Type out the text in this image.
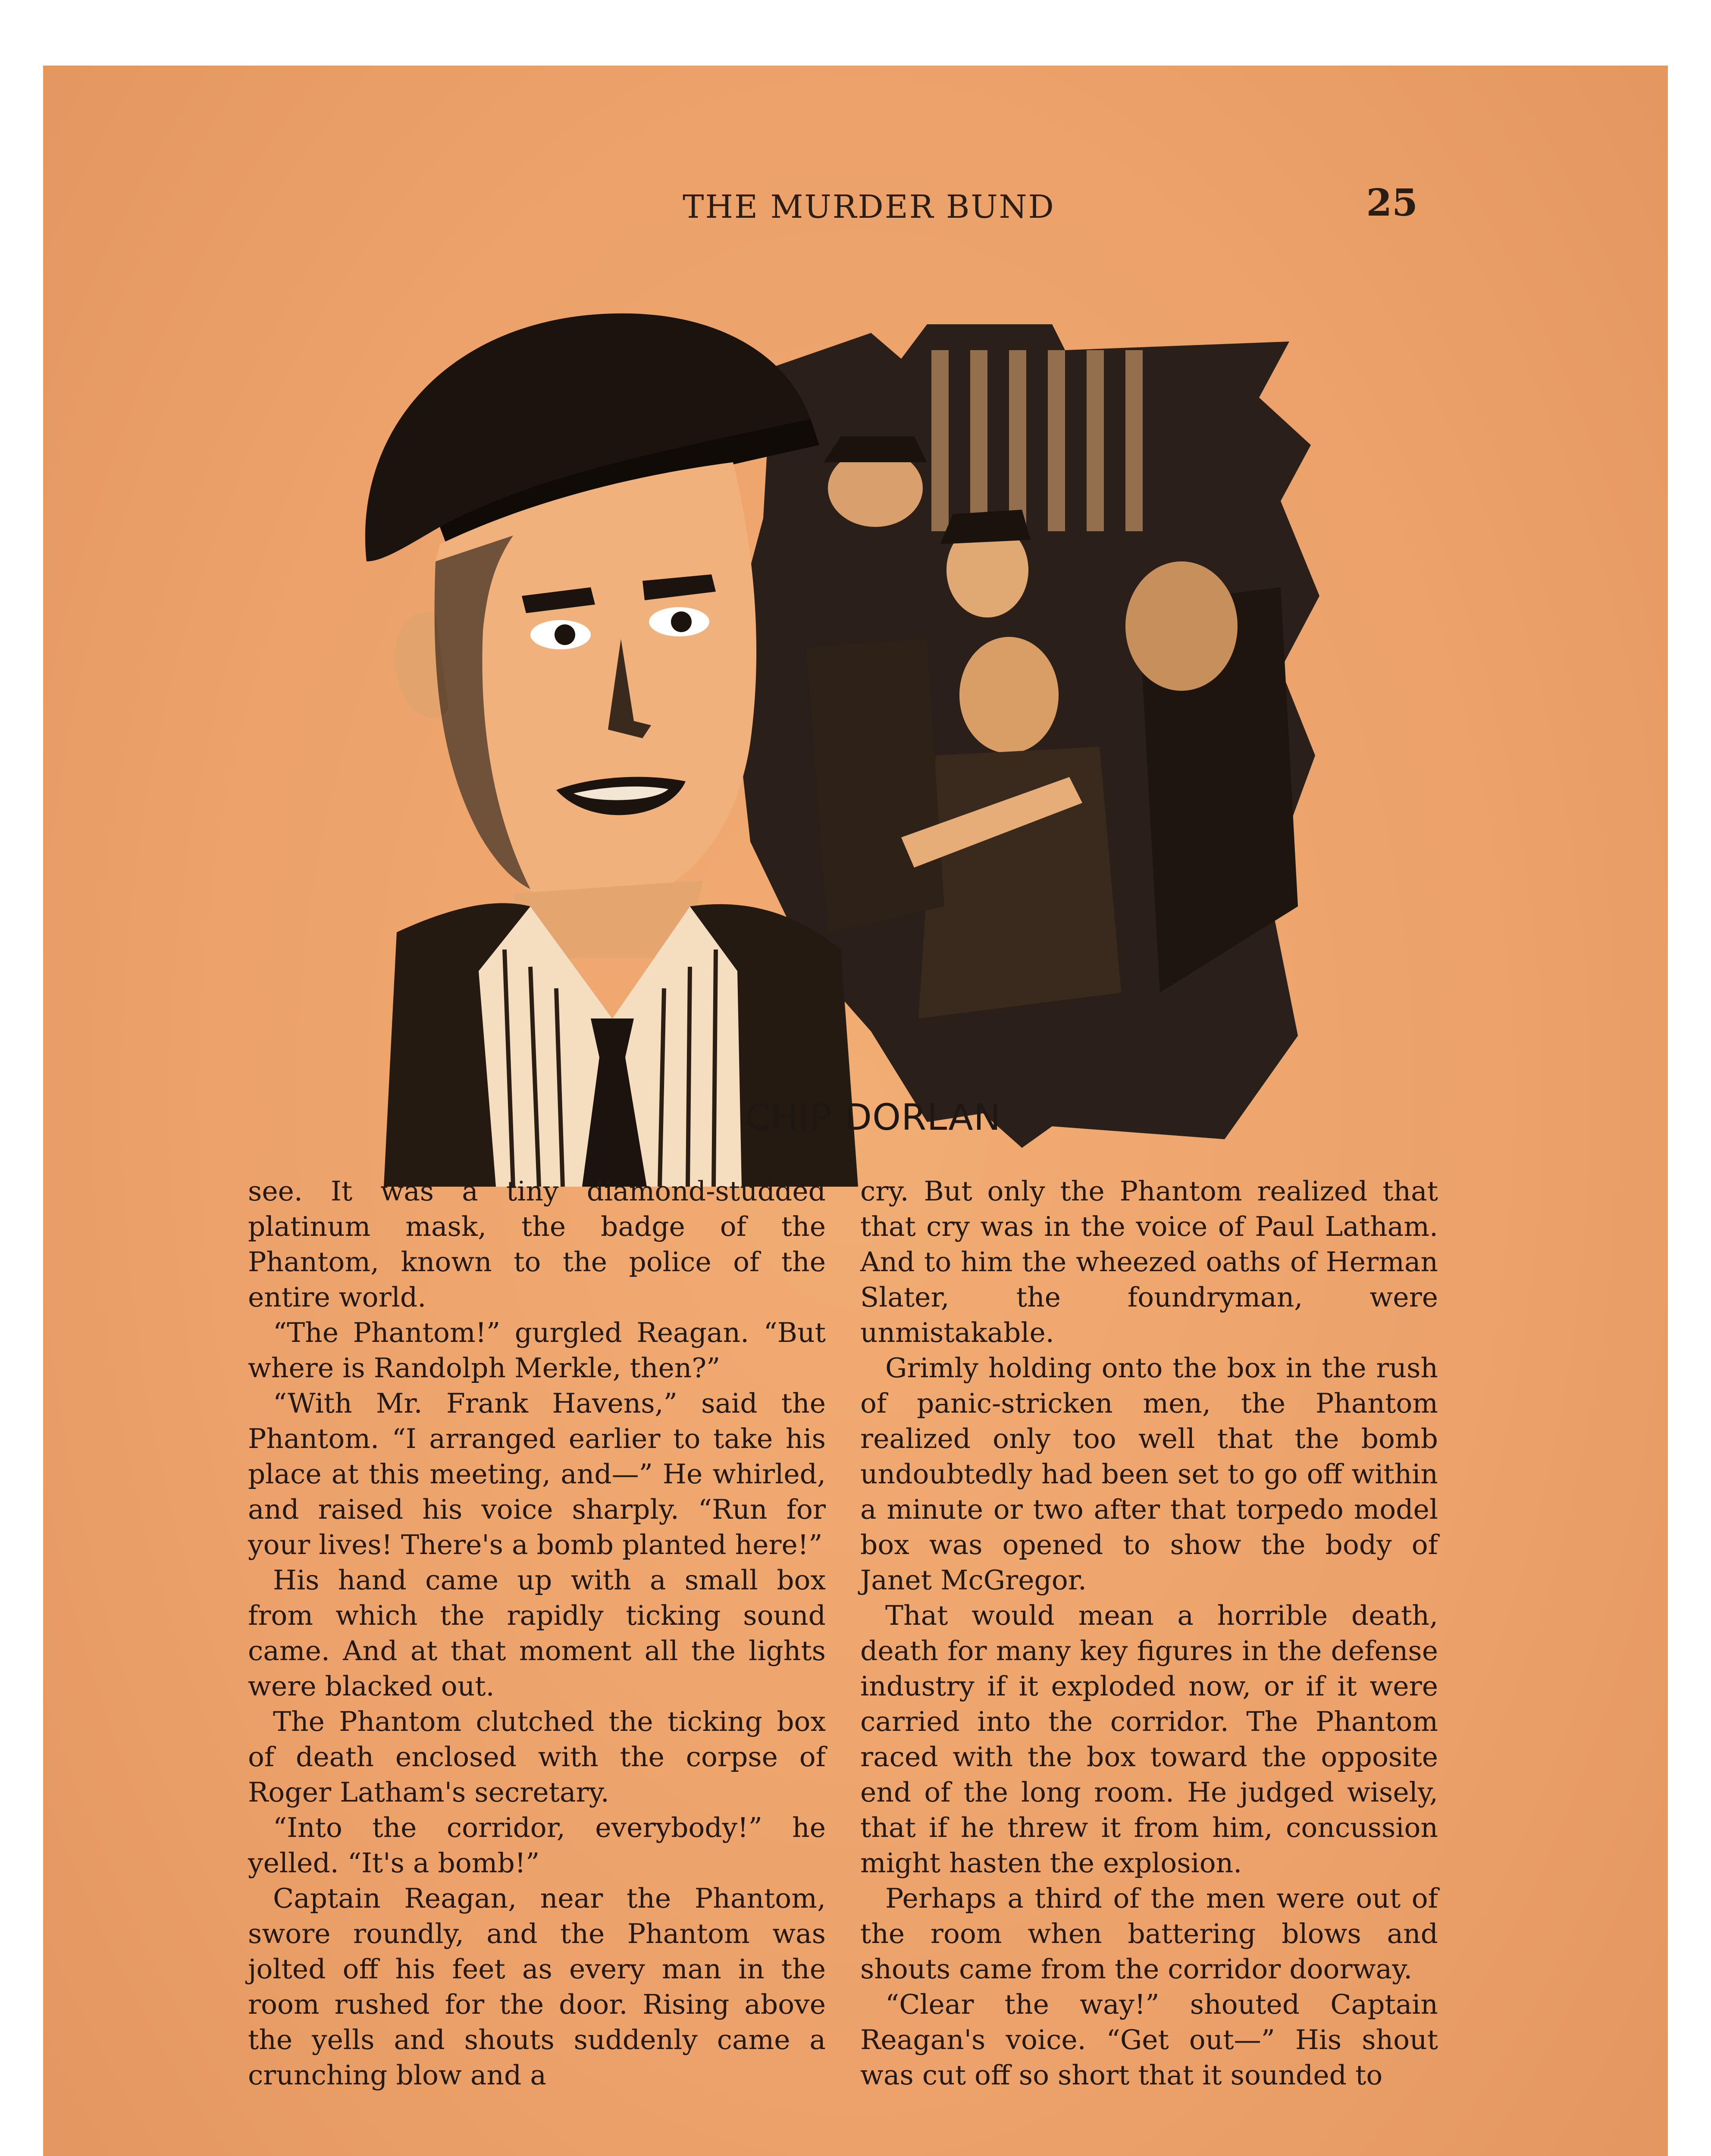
THE MURDER BUND	25
CHIP DORLAN

see. It was a tiny diamond-studded platinum mask, the badge of the Phantom, known to the police of the entire world.

“The Phantom!” gurgled Reagan. “But where is Randolph Merkle, then?”

“With Mr. Frank Havens,” said the Phantom. “I arranged earlier to take his place at this meeting, and—” He whirled, and raised his voice sharply. “Run for your lives! There's a bomb planted here!”

His hand came up with a small box from which the rapidly ticking sound came. And at that moment all the lights were blacked out.

The Phantom clutched the ticking box of death enclosed with the corpse of Roger Latham's secretary.

“Into the corridor, everybody!” he yelled. “It's a bomb!”

Captain Reagan, near the Phantom, swore roundly, and the Phantom was jolted off his feet as every man in the room rushed for the door. Rising above the yells and shouts suddenly came a crunching blow and a

cry. But only the Phantom realized that that cry was in the voice of Paul Latham. And to him the wheezed oaths of Herman Slater, the foundryman, were unmistakable.

Grimly holding onto the box in the rush of panic-stricken men, the Phantom realized only too well that the bomb undoubtedly had been set to go off within a minute or two after that torpedo model box was opened to show the body of Janet McGregor.

That would mean a horrible death, death for many key figures in the defense industry if it exploded now, or if it were carried into the corridor. The Phantom raced with the box toward the opposite end of the long room. He judged wisely, that if he threw it from him, concussion might hasten the explosion.

Perhaps a third of the men were out of the room when battering blows and shouts came from the corridor doorway.

“Clear the way!” shouted Captain Reagan's voice. “Get out—” His shout was cut off so short that it sounded to
